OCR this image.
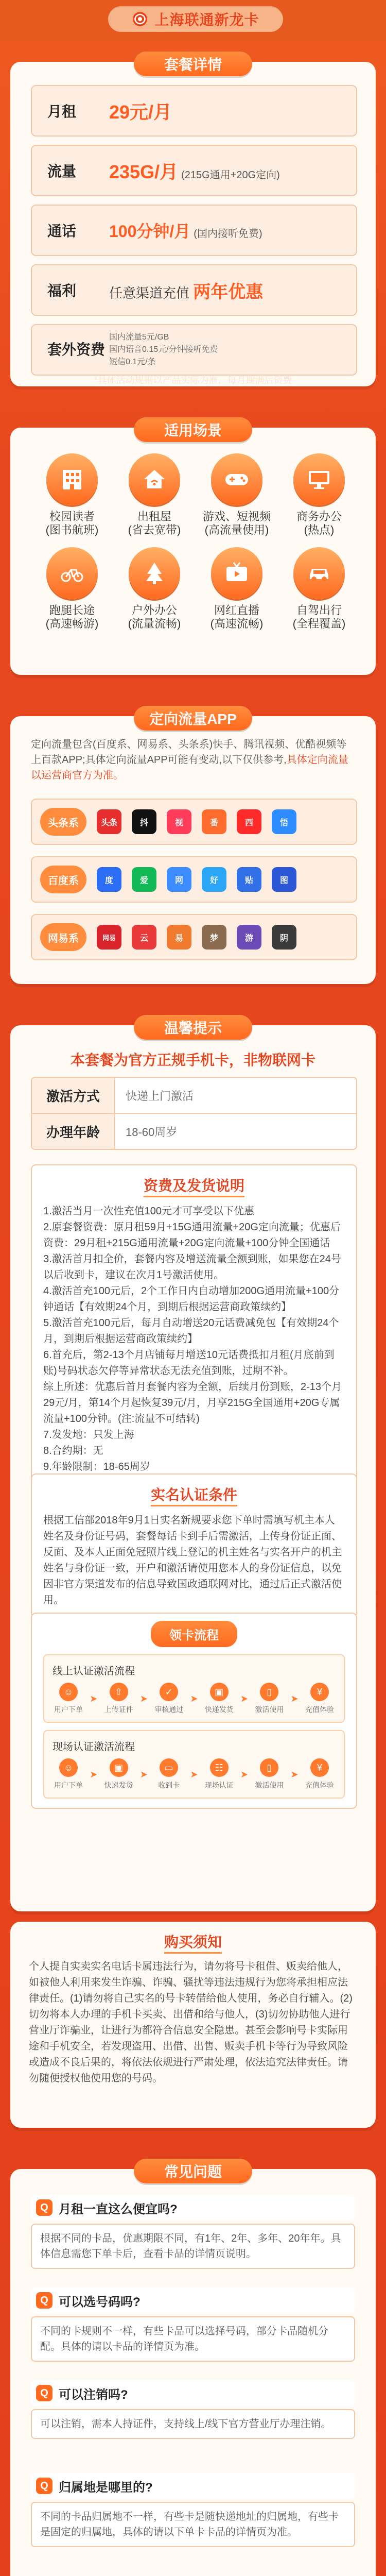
上海联通新龙卡
套餐详情
月租	29元/月
流量	235G/月 (215G通用+20G定向)
通话	100分钟/月 (国内接听免费)
福利	任意渠道充值 两年优惠
套外资费
国内流量5元/GB
国内语音0.15元/分钟接听免费
短信0.1元/条
*具体活动规则以产品实际为准，每月期满后资费
适用场景
校园读者
(图书航班)
出租屋
(省去宽带)
游戏、短视频
(高流量使用)
商务办公
(热点)
跑腿长途
(高速畅游)
户外办公
(流量流畅)
网红直播
(高速流畅)
自驾出行
(全程覆盖)
定向流量APP
定向流量包含(百度系、网易系、头条系)快手、腾讯视频、优酷视频等上百款APP;具体定向流量APP可能有变动,以下仅供参考,具体定向流量以运营商官方为准。
头条系	头条	抖	视	番	西	悟
百度系	度	爱	网	好	贴	图
网易系	网易	云	易	梦	游	阴
温馨提示
本套餐为官方正规手机卡，非物联网卡
激活方式	快递上门激活
办理年龄	18-60周岁
资费及发货说明

1.激活当月一次性充值100元才可享受以下优惠

2.原套餐资费：原月租59月+15G通用流量+20G定向流量；优惠后资费：29月租+215G通用流量+20G定向流量+100分钟全国通话

3.激活首月扣全价，套餐内容及增送流量全额到账，如果您在24号以后收到卡，建议在次月1号激活使用。

4.激活首充100元后，2个工作日内自动增加200G通用流量+100分钟通话【有效期24个月，到期后根据运营商政策续约】

5.激活首充100元后，每月自动增送20元话费减免包【有效期24个月，到期后根据运营商政策续约】

6.首充后，第2-13个月店铺每月增送10元话费抵扣月租(月底前到账)号码状态欠停等异常状态无法充值到账，过期不补。

综上所述：优惠后首月套餐内容为全额，后续月份到账，2-13个月29元/月，第14个月起恢复39元/月，月享215G全国通用+20G专属流量+100分钟。(注:流量不可结转)

7.发发地：只发上海

8.合约期：无

9.年龄限制：18-65周岁

实名认证条件
根据工信部2018年9月1日实名新规要求您下单时需填写机主本人姓名及身份证号码，套餐每话卡到手后需激活，上传身份证正面、反面、及本人正面免冠照片线上登记的机主姓名与实名开户的机主姓名与身份证一致，开户和激活请使用您本人的身份证信息，以免因非官方渠道发布的信息导致国政通联网对比，通过后正式激活使用。
领卡流程
线上认证激活流程
☺
用户下单
➤
⇧
上传证件
➤
✓
审核通过
➤
▣
快递发货
➤
▯
激活使用
➤
¥
充值体验
现场认证激活流程
☺
用户下单
➤
▣
快递发货
➤
▭
收到卡
➤
☷
现场认证
➤
▯
激活使用
➤
¥
充值体验
购买须知
个人提自实卖实名电话卡属违法行为，请勿将号卡租借、贩卖给他人，如被他人利用来发生诈骗、诈骗、骚扰等违法违规行为您将承担相应法律责任。(1)请勿将自己实名的号卡转借给他人使用，务必自行辅入。(2)切勿将本人办理的手机卡买卖、出借和给与他人，(3)切勿协助他人进行营业厅诈骗业，让进行为都符合信息安全隐患。甚至会影响号卡实际用途和手机安全，若发现盗用、出借、出售、贩卖手机卡等行为导致风险或造成不良后果的，将依法依规进行严肃处理，依法追究法律责任。请勿随便授权他使用您的号码。
常见问题
Q 月租一直这么便宜吗?
根据不同的卡品，优惠期限不同，有1年、2年、多年、20年年。具体信息需您下单卡后，查看卡品的详情页说明。
Q 可以选号码吗?
不同的卡规则不一样，有些卡品可以选择号码，部分卡品随机分配。具体的请以卡品的详情页为准。
Q 可以注销吗?
可以注销，需本人持证件，支持线上/线下官方营业厅办理注销。
Q 归属地是哪里的?
不同的卡品归属地不一样，有些卡是随快递地址的归属地，有些卡是固定的归属地，具体的请以下单卡卡品的详情页为准。
